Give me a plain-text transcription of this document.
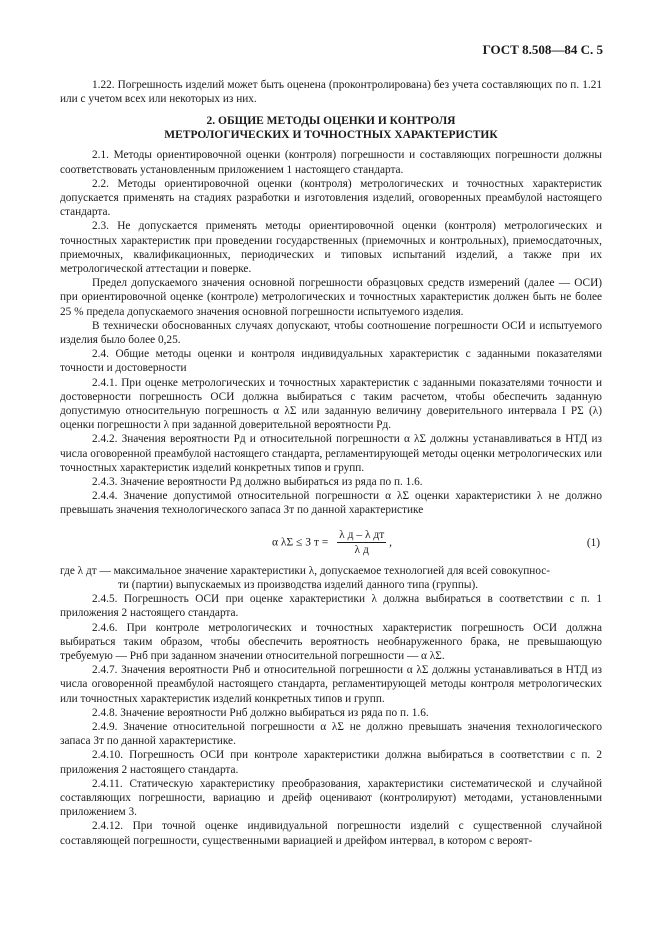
ГОСТ 8.508—84 С. 5

1.22. Погрешность изделий может быть оценена (проконтролирована) без учета составляющих по п. 1.21 или с учетом всех или некоторых из них.

2. ОБЩИЕ МЕТОДЫ ОЦЕНКИ И КОНТРОЛЯ
МЕТРОЛОГИЧЕСКИХ И ТОЧНОСТНЫХ ХАРАКТЕРИСТИК

2.1. Методы ориентировочной оценки (контроля) погрешности и составляющих погрешности должны соответствовать установленным приложением 1 настоящего стандарта.

2.2. Методы ориентировочной оценки (контроля) метрологических и точностных характеристик допускается применять на стадиях разработки и изготовления изделий, оговоренных преамбулой настоящего стандарта.

2.3. Не допускается применять методы ориентировочной оценки (контроля) метрологических и точностных характеристик при проведении государственных (приемочных и контрольных), приемосдаточных, приемочных, квалификационных, периодических и типовых испытаний изделий, а также при их метрологической аттестации и поверке.

Предел допускаемого значения основной погрешности образцовых средств измерений (далее — ОСИ) при ориентировочной оценке (контроле) метрологических и точностных характеристик должен быть не более 25 % предела допускаемого значения основной погрешности испытуемого изделия.

В технически обоснованных случаях допускают, чтобы соотношение погрешности ОСИ и испытуемого изделия было более 0,25.

2.4. Общие методы оценки и контроля индивидуальных характеристик с заданными показателями точности и достоверности

2.4.1. При оценке метрологических и точностных характеристик с заданными показателями точности и достоверности погрешность ОСИ должна выбираться с таким расчетом, чтобы обеспечить заданную допустимую относительную погрешность α λΣ или заданную величину доверительного интервала I PΣ (λ) оценки погрешности λ при заданной доверительной вероятности Pд.

2.4.2. Значения вероятности Pд и относительной погрешности α λΣ должны устанавливаться в НТД из числа оговоренной преамбулой настоящего стандарта, регламентирующей методы оценки метрологических или точностных характеристик изделий конкретных типов и групп.

2.4.3. Значение вероятности Pд должно выбираться из ряда по п. 1.6.

2.4.4. Значение допустимой относительной погрешности α λΣ оценки характеристики λ не должно превышать значения технологического запаса Зт по данной характеристике

α λΣ ≤ З $т = \frac{\text{λ д – λ дт}}{\text{λ д}}$ ,	(1)

где λ дт — максимальное значение характеристики λ, допускаемое технологией для всей совокупнос-

ти (партии) выпускаемых из производства изделий данного типа (группы).

2.4.5. Погрешность ОСИ при оценке характеристики λ должна выбираться в соответствии с п. 1 приложения 2 настоящего стандарта.

2.4.6. При контроле метрологических и точностных характеристик погрешность ОСИ должна выбираться таким образом, чтобы обеспечить вероятность необнаруженного брака, не превышающую требуемую — Pнб при заданном значении относительной погрешности — α λΣ.

2.4.7. Значения вероятности Pнб и относительной погрешности α λΣ должны устанавливаться в НТД из числа оговоренной преамбулой настоящего стандарта, регламентирующей методы контроля метрологических или точностных характеристик изделий конкретных типов и групп.

2.4.8. Значение вероятности Pнб должно выбираться из ряда по п. 1.6.

2.4.9. Значение относительной погрешности α λΣ не должно превышать значения технологического запаса Зт по данной характеристике.

2.4.10. Погрешность ОСИ при контроле характеристики должна выбираться в соответствии с п. 2 приложения 2 настоящего стандарта.

2.4.11. Статическую характеристику преобразования, характеристики систематической и случайной составляющих погрешности, вариацию и дрейф оценивают (контролируют) методами, установленными приложением 3.

2.4.12. При точной оценке индивидуальной погрешности изделий с существенной случайной составляющей погрешности, существенными вариацией и дрейфом интервал, в котором с вероят-
